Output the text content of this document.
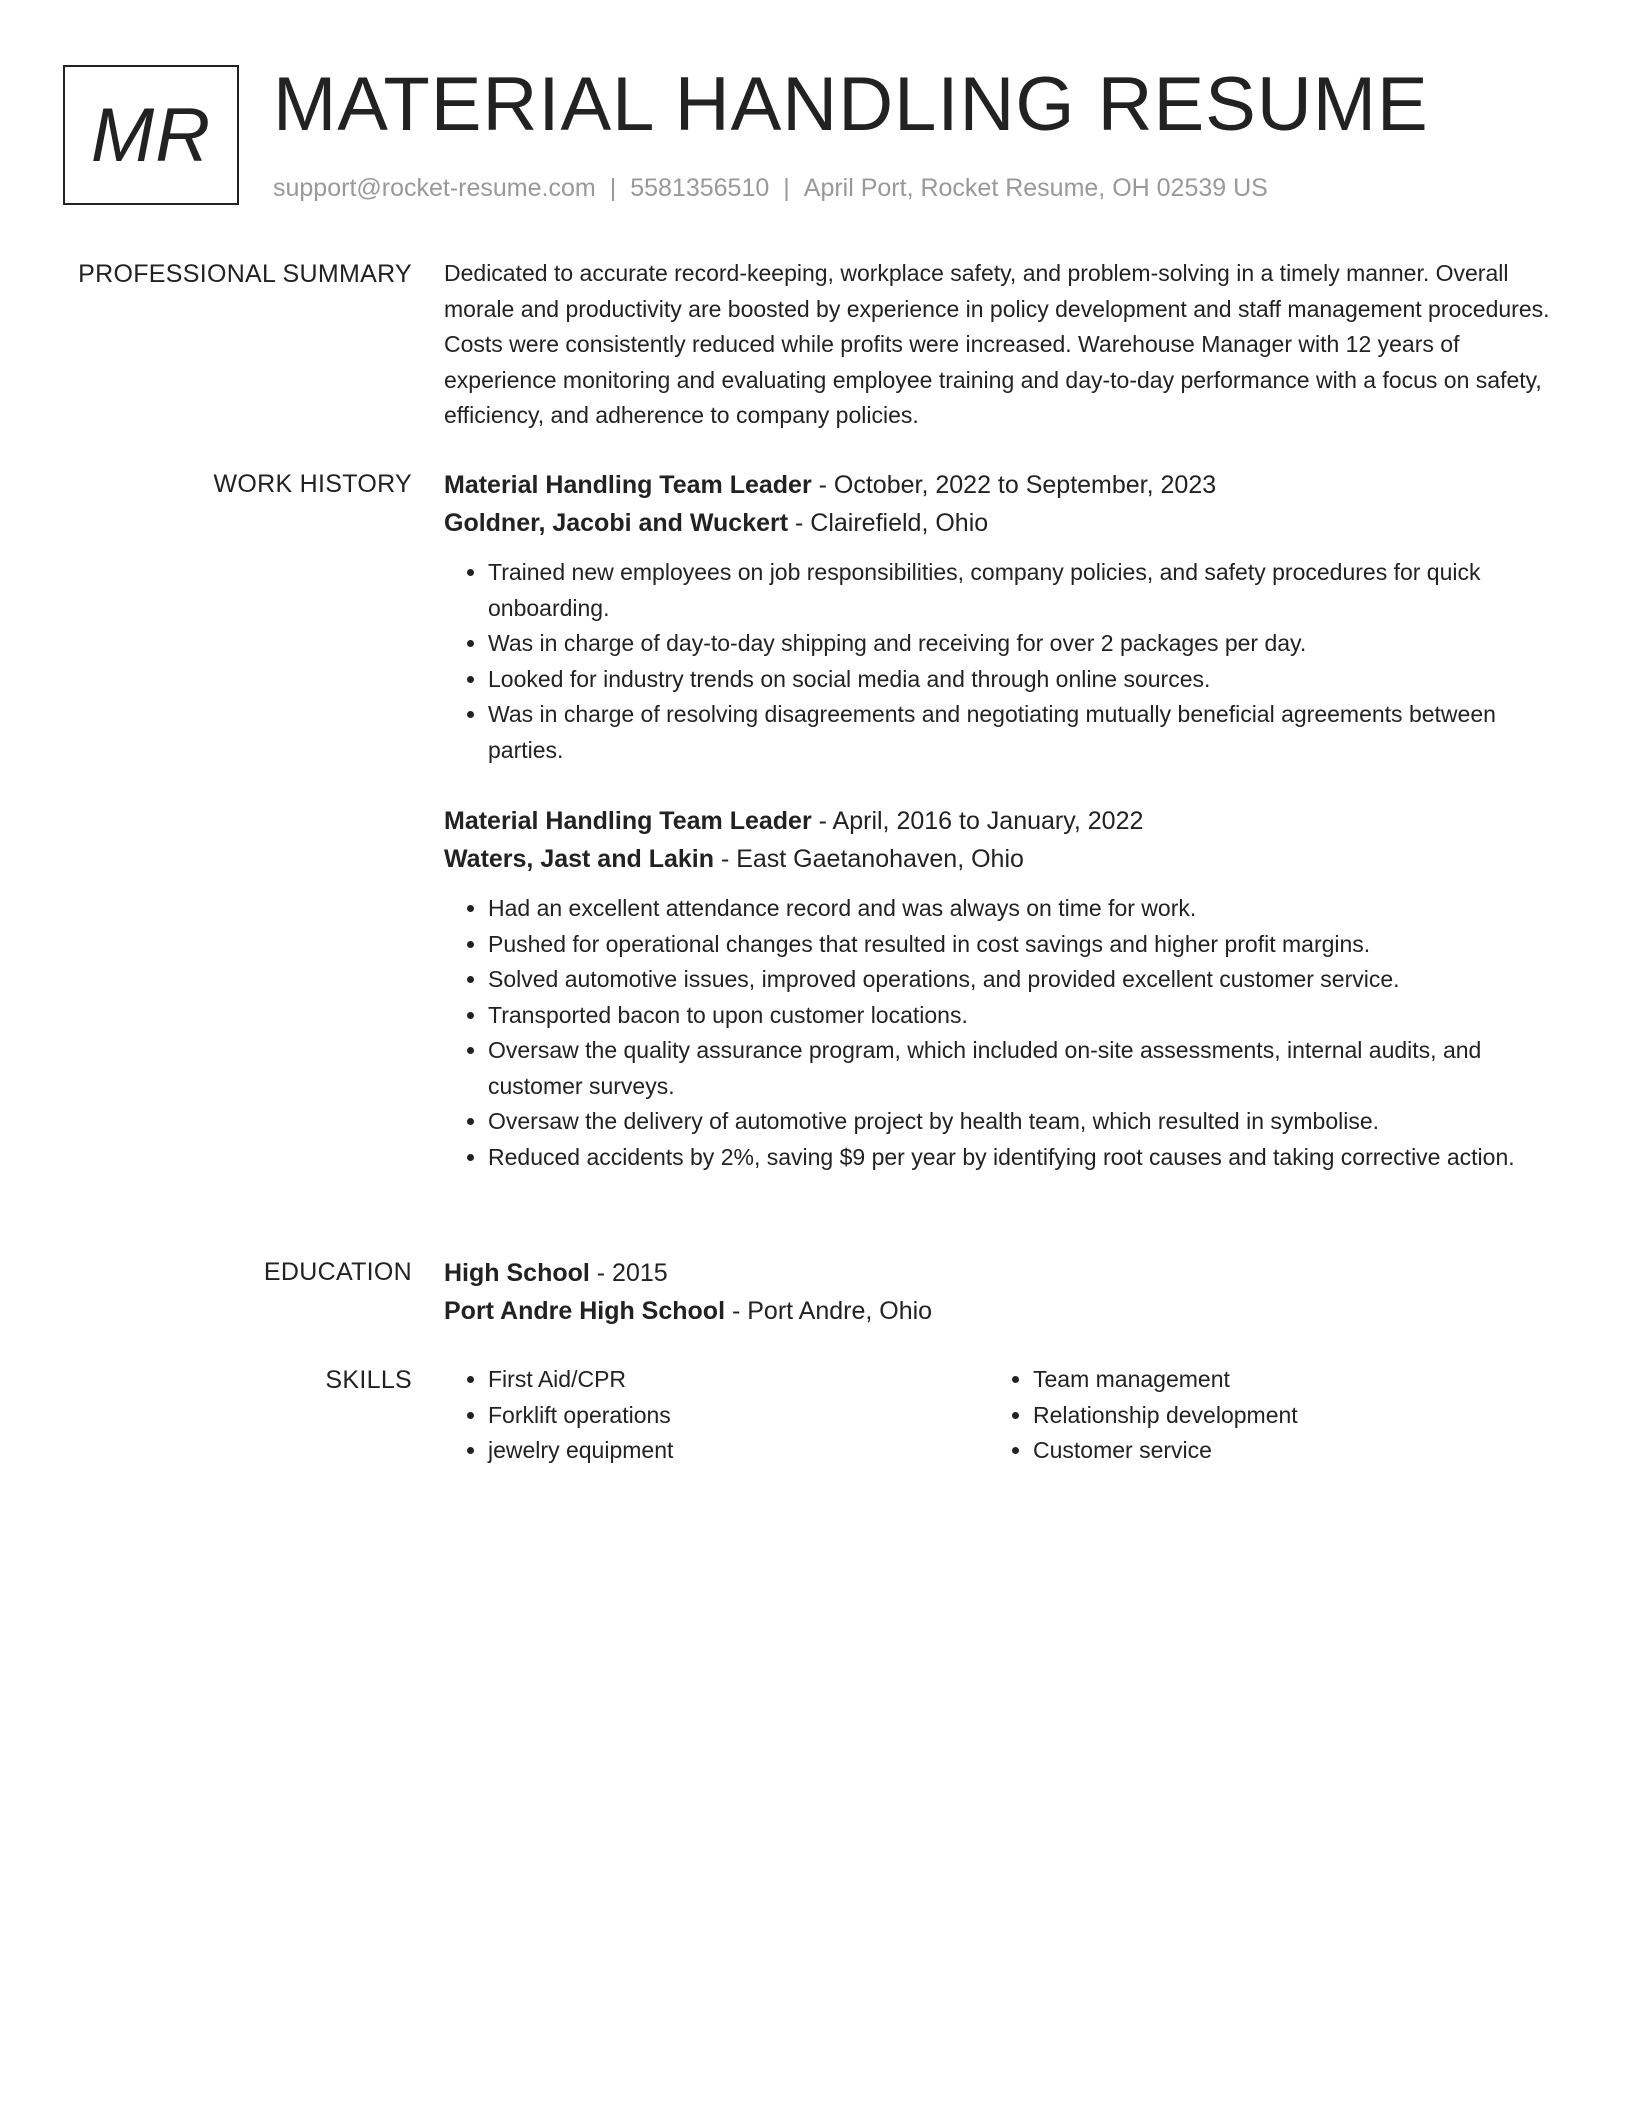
MR MATERIAL HANDLING RESUME
support@rocket-resume.com | 5581356510 | April Port, Rocket Resume, OH 02539 US
PROFESSIONAL SUMMARY Dedicated to accurate record-keeping, workplace safety, and problem-solving in a timely manner. Overall morale and productivity are boosted by experience in policy development and staff management procedures. Costs were consistently reduced while profits were increased. Warehouse Manager with 12 years of experience monitoring and evaluating employee training and day-to-day performance with a focus on safety, efficiency, and adherence to company policies.

WORK HISTORY Material Handling Team Leader - October, 2022 to September, 2023
Goldner, Jacobi and Wuckert - Clairefield, Ohio
• Trained new employees on job responsibilities, company policies, and safety procedures for quick onboarding.
• Was in charge of day-to-day shipping and receiving for over 2 packages per day.
• Looked for industry trends on social media and through online sources.
• Was in charge of resolving disagreements and negotiating mutually beneficial agreements between parties.
Material Handling Team Leader - April, 2016 to January, 2022
Waters, Jast and Lakin - East Gaetanohaven, Ohio
• Had an excellent attendance record and was always on time for work.
• Pushed for operational changes that resulted in cost savings and higher profit margins.
• Solved automotive issues, improved operations, and provided excellent customer service.
• Transported bacon to upon customer locations.
• Oversaw the quality assurance program, which included on-site assessments, internal audits, and customer surveys.
• Oversaw the delivery of automotive project by health team, which resulted in symbolise.
• Reduced accidents by 2%, saving $9 per year by identifying root causes and taking corrective action.
EDUCATION High School - 2015
Port Andre High School - Port Andre, Ohio
SKILLS
•	First Aid/CPR
• Forklift operations
• jewelry equipment
• Team management
• Relationship development
• Customer service
